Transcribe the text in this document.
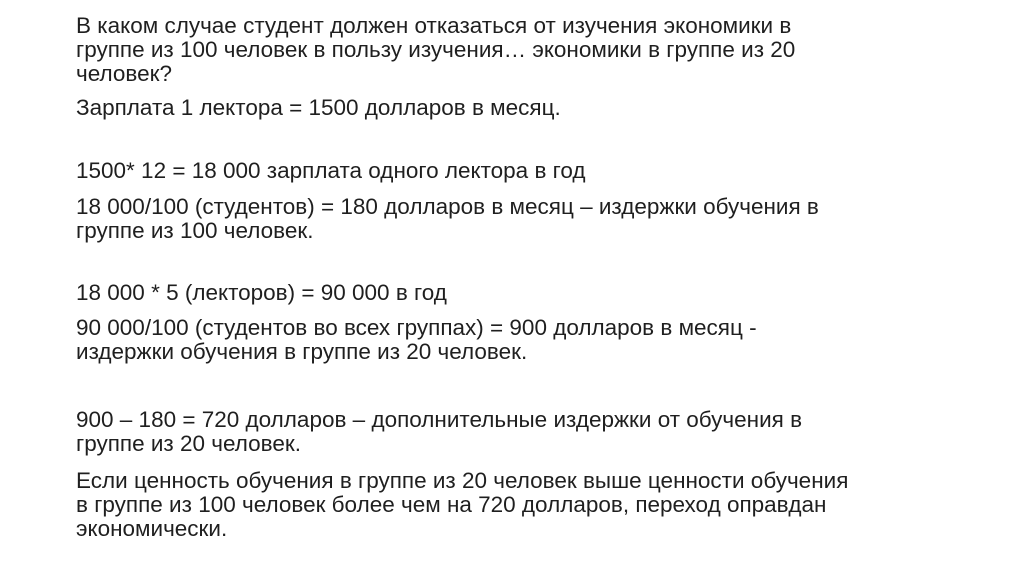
В каком случае студент должен отказаться от изучения экономики в
группе из 100 человек в пользу изучения… экономики в группе из 20
человек?

Зарплата 1 лектора = 1500 долларов в месяц.

1500* 12 = 18 000 зарплата одного лектора в год

18 000/100 (студентов) = 180 долларов в месяц – издержки обучения в
группе из 100 человек.

18 000 * 5 (лекторов) = 90 000 в год

90 000/100 (студентов во всех группах) = 900 долларов в месяц -
издержки обучения в группе из 20 человек.

900 – 180 = 720 долларов – дополнительные издержки от обучения в
группе из 20 человек.

Если ценность обучения в группе из 20 человек выше ценности обучения
в группе из 100 человек более чем на 720 долларов, переход оправдан
экономически.
